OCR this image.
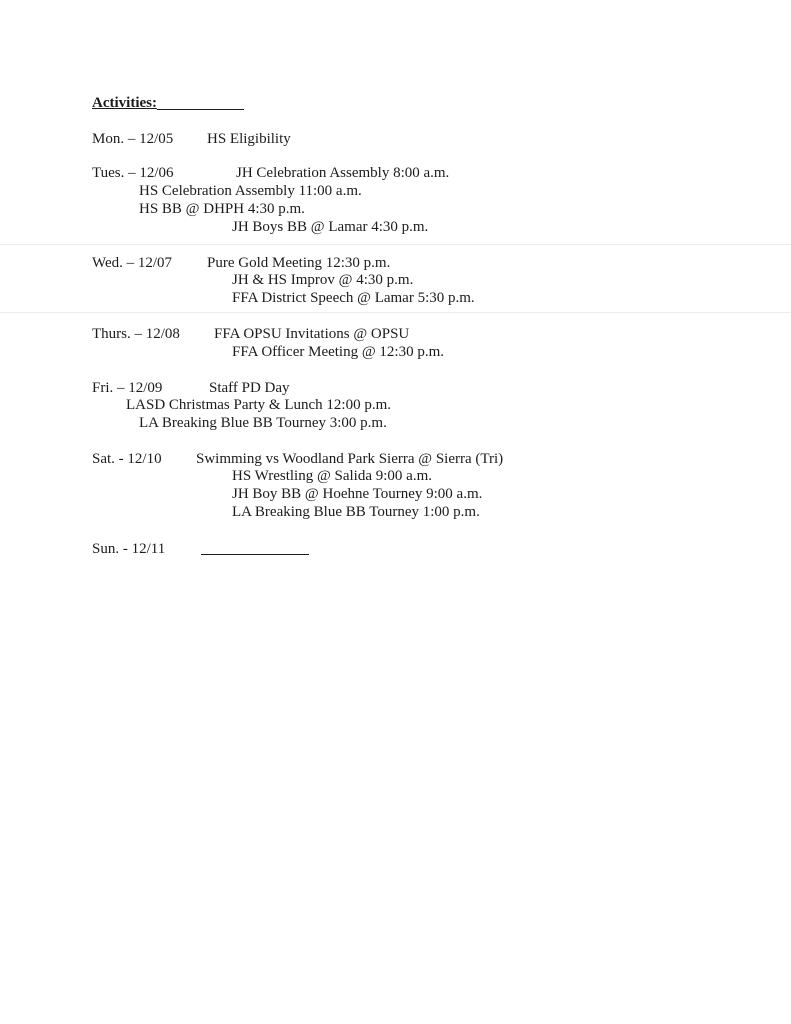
Activities:
Mon. – 12/05 HS Eligibility
Tues. – 12/06	JH Celebration Assembly 8:00 a.m.
HS Celebration Assembly 11:00 a.m.
HS BB @ DHPH 4:30 p.m.
JH Boys BB @ Lamar 4:30 p.m.
Wed. – 12/07 Pure Gold Meeting 12:30 p.m.
JH & HS Improv @ 4:30 p.m.
FFA District Speech @ Lamar 5:30 p.m.
Thurs. – 12/08 FFA OPSU Invitations @ OPSU
FFA Officer Meeting @ 12:30 p.m.
Fri. – 12/09	Staff PD Day
LASD Christmas Party & Lunch 12:00 p.m.
LA Breaking Blue BB Tourney 3:00 p.m.
Sat. - 12/10 Swimming vs Woodland Park Sierra @ Sierra (Tri)
HS Wrestling @ Salida 9:00 a.m.
JH Boy BB @ Hoehne Tourney 9:00 a.m.
LA Breaking Blue BB Tourney 1:00 p.m.
Sun. - 12/11
